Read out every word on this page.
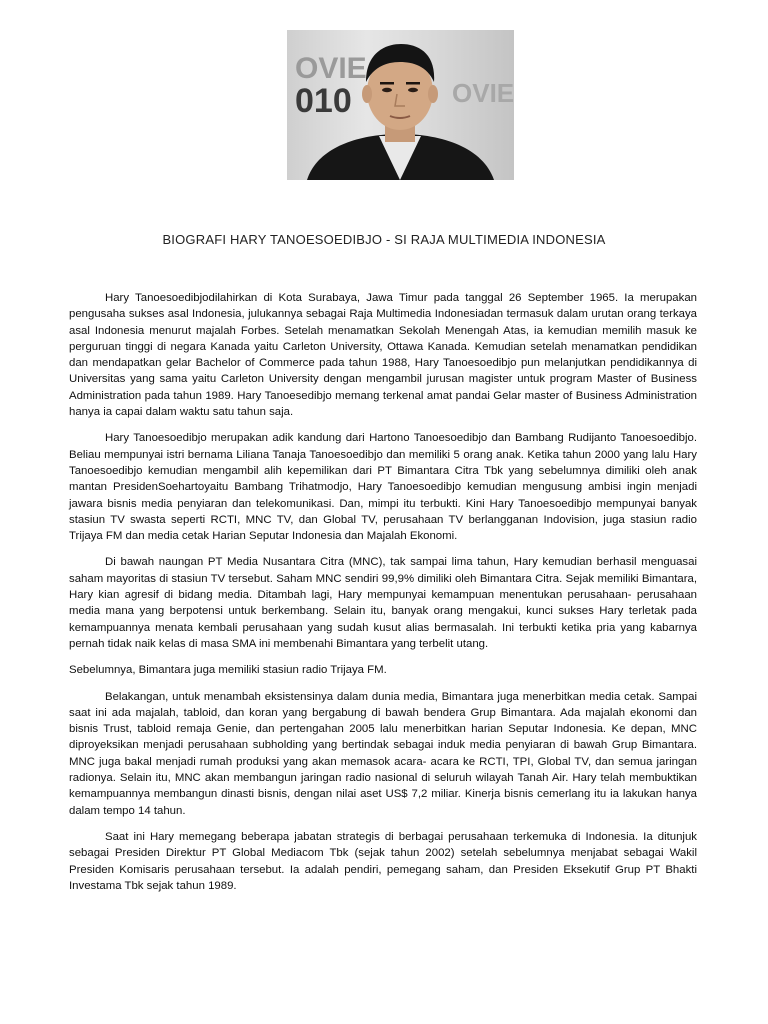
OVIE
010	OVIE
BIOGRAFI HARY TANOESOEDIBJO - SI RAJA MULTIMEDIA INDONESIA

Hary Tanoesoedibjodilahirkan di Kota Surabaya, Jawa Timur pada tanggal 26 September 1965. Ia merupakan pengusaha sukses asal Indonesia, julukannya sebagai Raja Multimedia Indonesiadan termasuk dalam urutan orang terkaya asal Indonesia menurut majalah Forbes. Setelah menamatkan Sekolah Menengah Atas, ia kemudian memilih masuk ke perguruan tinggi di negara Kanada yaitu Carleton University, Ottawa Kanada. Kemudian setelah menamatkan pendidikan dan mendapatkan gelar Bachelor of Commerce pada tahun 1988, Hary Tanoesoedibjo pun melanjutkan pendidikannya di Universitas yang sama yaitu Carleton University dengan mengambil jurusan magister untuk program Master of Business Administration pada tahun 1989. Hary Tanoesedibjo memang terkenal amat pandai Gelar master of Business Administration hanya ia capai dalam waktu satu tahun saja.

Hary Tanoesoedibjo merupakan adik kandung dari Hartono Tanoesoedibjo dan Bambang Rudijanto Tanoesoedibjo. Beliau mempunyai istri bernama Liliana Tanaja Tanoesoedibjo dan memiliki 5 orang anak. Ketika tahun 2000 yang lalu Hary Tanoesoedibjo kemudian mengambil alih kepemilikan dari PT Bimantara Citra Tbk yang sebelumnya dimiliki oleh anak mantan PresidenSoehartoyaitu Bambang Trihatmodjo, Hary Tanoesoedibjo kemudian mengusung ambisi ingin menjadi jawara bisnis media penyiaran dan telekomunikasi. Dan, mimpi itu terbukti. Kini Hary Tanoesoedibjo mempunyai banyak stasiun TV swasta seperti RCTI, MNC TV, dan Global TV, perusahaan TV berlangganan Indovision, juga stasiun radio Trijaya FM dan media cetak Harian Seputar Indonesia dan Majalah Ekonomi.

Di bawah naungan PT Media Nusantara Citra (MNC), tak sampai lima tahun, Hary kemudian berhasil menguasai saham mayoritas di stasiun TV tersebut. Saham MNC sendiri 99,9% dimiliki oleh Bimantara Citra. Sejak memiliki Bimantara, Hary kian agresif di bidang media. Ditambah lagi, Hary mempunyai kemampuan menentukan perusahaan- perusahaan media mana yang berpotensi untuk berkembang. Selain itu, banyak orang mengakui, kunci sukses Hary terletak pada kemampuannya menata kembali perusahaan yang sudah kusut alias bermasalah. Ini terbukti ketika pria yang kabarnya pernah tidak naik kelas di masa SMA ini membenahi Bimantara yang terbelit utang.

Sebelumnya, Bimantara juga memiliki stasiun radio Trijaya FM.

Belakangan, untuk menambah eksistensinya dalam dunia media, Bimantara juga menerbitkan media cetak. Sampai saat ini ada majalah, tabloid, dan koran yang bergabung di bawah bendera Grup Bimantara. Ada majalah ekonomi dan bisnis Trust, tabloid remaja Genie, dan pertengahan 2005 lalu menerbitkan harian Seputar Indonesia. Ke depan, MNC diproyeksikan menjadi perusahaan subholding yang bertindak sebagai induk media penyiaran di bawah Grup Bimantara. MNC juga bakal menjadi rumah produksi yang akan memasok acara- acara ke RCTI, TPI, Global TV, dan semua jaringan radionya. Selain itu, MNC akan membangun jaringan radio nasional di seluruh wilayah Tanah Air. Hary telah membuktikan kemampuannya membangun dinasti bisnis, dengan nilai aset US$ 7,2 miliar. Kinerja bisnis cemerlang itu ia lakukan hanya dalam tempo 14 tahun.

Saat ini Hary memegang beberapa jabatan strategis di berbagai perusahaan terkemuka di Indonesia. Ia ditunjuk sebagai Presiden Direktur PT Global Mediacom Tbk (sejak tahun 2002) setelah sebelumnya menjabat sebagai Wakil Presiden Komisaris perusahaan tersebut. Ia adalah pendiri, pemegang saham, dan Presiden Eksekutif Grup PT Bhakti Investama Tbk sejak tahun 1989.
